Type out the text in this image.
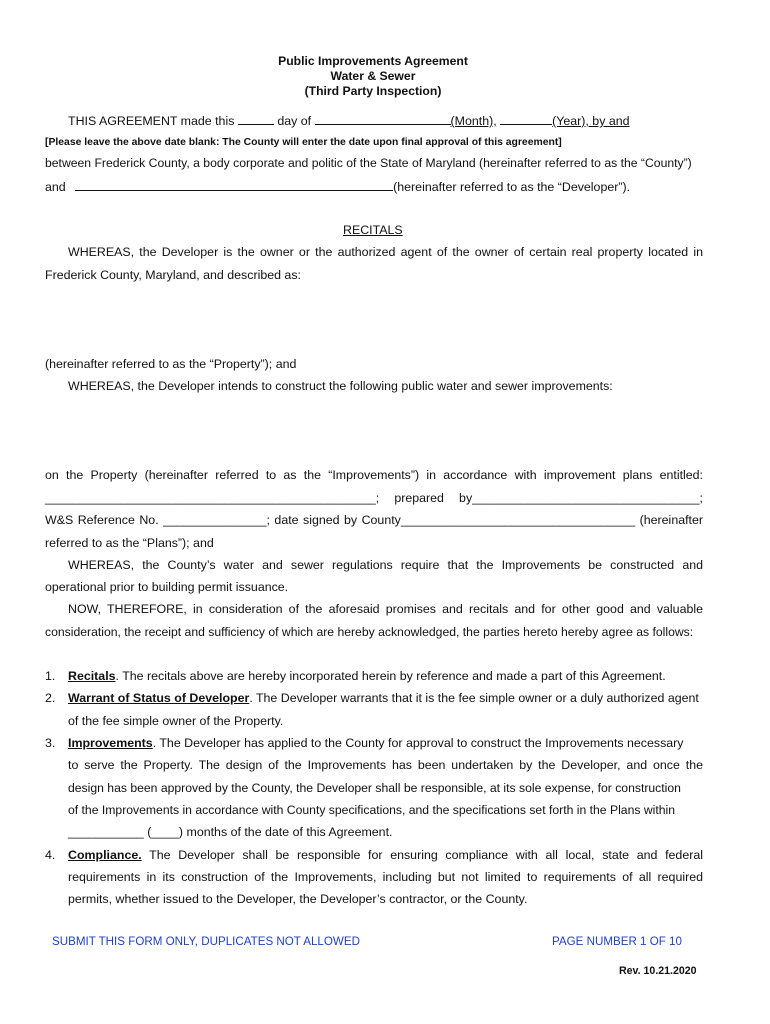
Public Improvements Agreement
Water & Sewer
(Third Party Inspection)
THIS AGREEMENT made this	day of	(Month),	(Year), by and
[Please leave the above date blank: The County will enter the date upon final approval of this agreement]
between Frederick County, a body corporate and politic of the State of Maryland (hereinafter referred to as the “County”)
and	(hereinafter referred to as the “Developer”).
RECITALS
WHEREAS, the Developer is the owner or the authorized agent of the owner of certain real property located in
Frederick County, Maryland, and described as:
(hereinafter referred to as the “Property”); and
WHEREAS, the Developer intends to construct the following public water and sewer improvements:
on the Property (hereinafter referred to as the “Improvements”) in accordance with improvement plans entitled:
________________________________________________; prepared by_________________________________;
W&S Reference No. _______________; date signed by County__________________________________ (hereinafter
referred to as the “Plans”); and
WHEREAS, the County’s water and sewer regulations require that the Improvements be constructed and
operational prior to building permit issuance.
NOW, THEREFORE, in consideration of the aforesaid promises and recitals and for other good and valuable
consideration, the receipt and sufficiency of which are hereby acknowledged, the parties hereto hereby agree as follows:
1. Recitals. The recitals above are hereby incorporated herein by reference and made a part of this Agreement.
2. Warrant of Status of Developer. The Developer warrants that it is the fee simple owner or a duly authorized agent
of the fee simple owner of the Property.
3. Improvements. The Developer has applied to the County for approval to construct the Improvements necessary
to serve the Property. The design of the Improvements has been undertaken by the Developer, and once the
design has been approved by the County, the Developer shall be responsible, at its sole expense, for construction
of the Improvements in accordance with County specifications, and the specifications set forth in the Plans within
___________ (____) months of the date of this Agreement.
4. Compliance. The Developer shall be responsible for ensuring compliance with all local, state and federal
requirements in its construction of the Improvements, including but not limited to requirements of all required
permits, whether issued to the Developer, the Developer’s contractor, or the County.
SUBMIT THIS FORM ONLY, DUPLICATES NOT ALLOWED	PAGE NUMBER 1 OF 10
Rev. 10.21.2020
